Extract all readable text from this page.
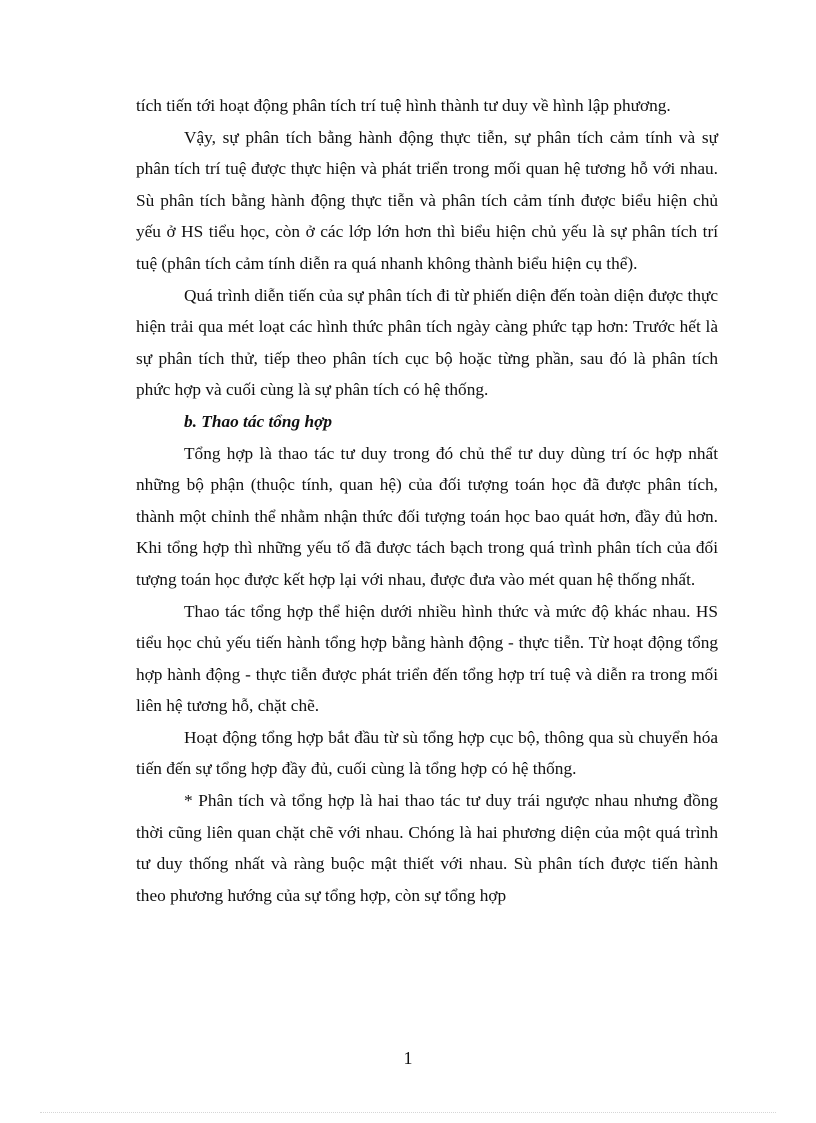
tích tiến tới hoạt động phân tích trí tuệ hình thành tư duy về hình lập phương.

Vậy, sự phân tích bằng hành động thực tiễn, sự phân tích cảm tính và sự phân tích trí tuệ được thực hiện và phát triển trong mối quan hệ tương hỗ với nhau. Sù phân tích bằng hành động thực tiễn và phân tích cảm tính được biểu hiện chủ yếu ở HS tiểu học, còn ở các lớp lớn hơn thì biểu hiện chủ yếu là sự phân tích trí tuệ (phân tích cảm tính diễn ra quá nhanh không thành biểu hiện cụ thể).

Quá trình diễn tiến của sự phân tích đi từ phiến diện đến toàn diện được thực hiện trải qua mét loạt các hình thức phân tích ngày càng phức tạp hơn: Trước hết là sự phân tích thử, tiếp theo phân tích cục bộ hoặc từng phần, sau đó là phân tích phức hợp và cuối cùng là sự phân tích có hệ thống.

b. Thao tác tổng hợp

Tổng hợp là thao tác tư duy trong đó chủ thể tư duy dùng trí óc hợp nhất những bộ phận (thuộc tính, quan hệ) của đối tượng toán học đã được phân tích, thành một chỉnh thể nhằm nhận thức đối tượng toán học bao quát hơn, đầy đủ hơn. Khi tổng hợp thì những yếu tố đã được tách bạch trong quá trình phân tích của đối tượng toán học được kết hợp lại với nhau, được đưa vào mét quan hệ thống nhất.

Thao tác tổng hợp thể hiện dưới nhiều hình thức và mức độ khác nhau. HS tiểu học chủ yếu tiến hành tổng hợp bằng hành động - thực tiễn. Từ hoạt động tổng hợp hành động - thực tiễn được phát triển đến tổng hợp trí tuệ và diễn ra trong mối liên hệ tương hỗ, chặt chẽ.

Hoạt động tổng hợp bắt đầu từ sù tổng hợp cục bộ, thông qua sù chuyển hóa tiến đến sự tổng hợp đầy đủ, cuối cùng là tổng hợp có hệ thống.

* Phân tích và tổng hợp là hai thao tác tư duy trái ngược nhau nhưng đồng thời cũng liên quan chặt chẽ với nhau. Chóng là hai phương diện của một quá trình tư duy thống nhất và ràng buộc mật thiết với nhau. Sù phân tích được tiến hành theo phương hướng của sự tổng hợp, còn sự tổng hợp

1
